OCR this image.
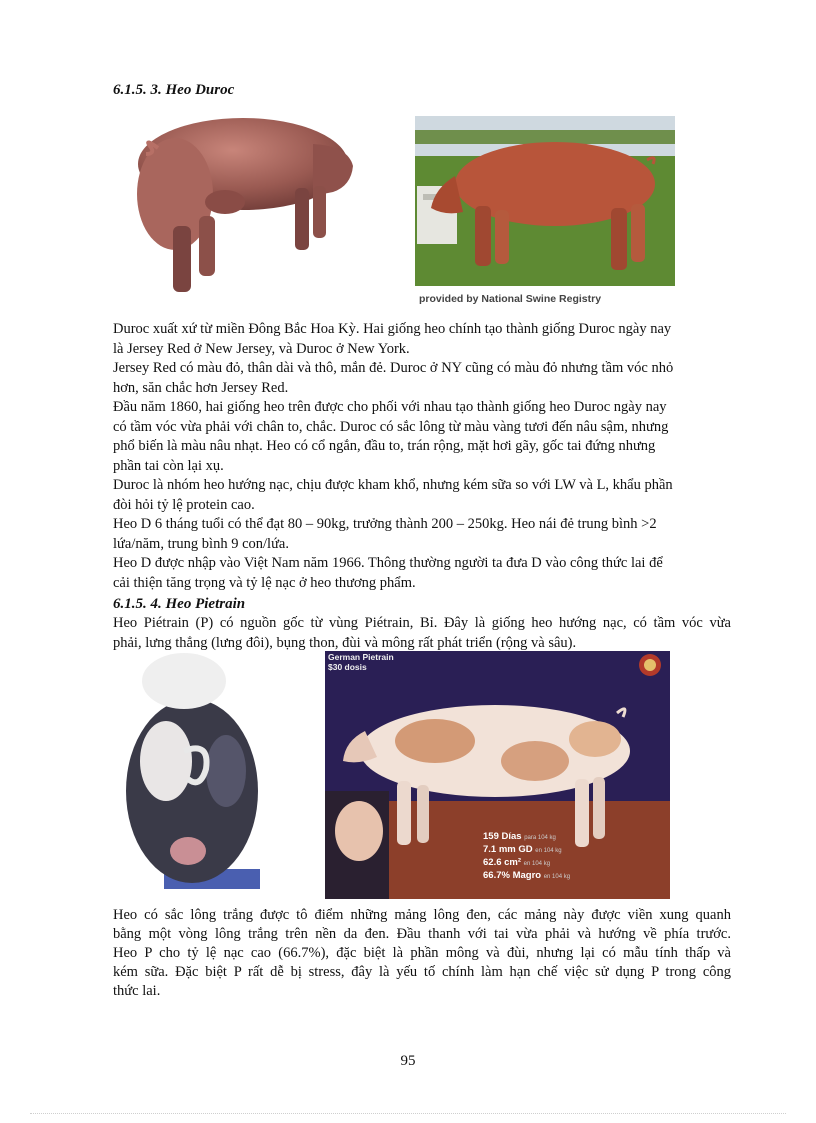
6.1.5. 3. Heo Duroc
provided by National Swine Registry
Duroc xuất xứ từ miền Đông Bắc Hoa Kỳ. Hai giống heo chính tạo thành giống Duroc ngày nay
là Jersey Red ở New Jersey, và Duroc ở New York.
Jersey Red có màu đỏ, thân dài và thô, mắn đẻ. Duroc ở NY cũng có màu đỏ nhưng tầm vóc nhỏ
hơn, săn chắc hơn Jersey Red.
Đầu năm 1860, hai giống heo trên được cho phối với nhau tạo thành giống heo Duroc ngày nay
có tầm vóc vừa phải với chân to, chắc. Duroc có sắc lông từ màu vàng tươi đến nâu sậm, nhưng
phổ biến là màu nâu nhạt. Heo có cổ ngắn, đầu to, trán rộng, mặt hơi gãy, gốc tai đứng nhưng
phần tai còn lại xụ.
Duroc là nhóm heo hướng nạc, chịu được kham khổ, nhưng kém sữa so với LW và L, khẩu phần
đòi hỏi tỷ lệ protein cao.
Heo D 6 tháng tuổi có thể đạt 80 – 90kg, trưởng thành 200 – 250kg. Heo nái đẻ trung bình >2
lứa/năm, trung bình 9 con/lứa.
Heo D được nhập vào Việt Nam năm 1966. Thông thường người ta đưa D vào công thức lai để
cải thiện tăng trọng và tỷ lệ nạc ở heo thương phẩm.
6.1.5. 4. Heo Pietrain
Heo Piétrain (P) có nguồn gốc từ vùng Piétrain, Bỉ. Đây là giống heo hướng nạc, có tầm vóc vừa
phải, lưng thẳng (lưng đôi), bụng thon, đùi và mông rất phát triển (rộng và sâu).
German Pietrain
$30 dosis
159 Días para 104 kg
7.1 mm GD en 104 kg
62.6 cm² en 104 kg
66.7% Magro en 104 kg
Heo có sắc lông trắng được tô điểm những mảng lông đen, các mảng này được viền xung quanh
bằng một vòng lông trắng trên nền da đen. Đầu thanh với tai vừa phải và hướng về phía trước.
Heo P cho tỷ lệ nạc cao (66.7%), đặc biệt là phần mông và đùi, nhưng lại có mẫu tính thấp và
kém sữa. Đặc biệt P rất dễ bị stress, đây là yếu tố chính làm hạn chế việc sử dụng P trong công
thức lai.
95
